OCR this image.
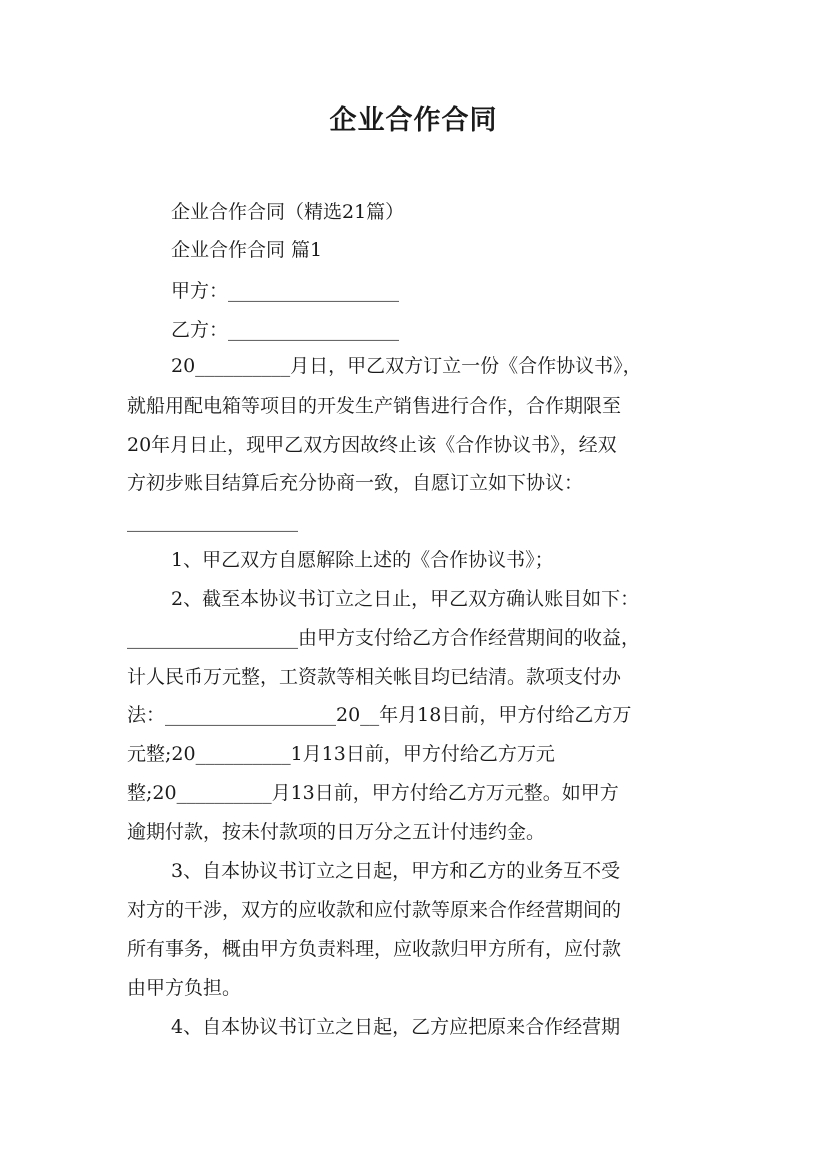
企业合作合同
企业合作合同（精选21篇）
企业合作合同 篇1
甲方：__________________
乙方：__________________
20__________月日，甲乙双方订立一份《合作协议书》，
就船用配电箱等项目的开发生产销售进行合作，合作期限至
20年月日止，现甲乙双方因故终止该《合作协议书》，经双
方初步账目结算后充分协商一致，自愿订立如下协议：
__________________
1、甲乙双方自愿解除上述的《合作协议书》；
2、截至本协议书订立之日止，甲乙双方确认账目如下：
__________________由甲方支付给乙方合作经营期间的收益，
计人民币万元整，工资款等相关帐目均已结清。款项支付办
法：__________________20__年月18日前，甲方付给乙方万
元整;20__________1月13日前，甲方付给乙方万元
整;20__________月13日前，甲方付给乙方万元整。如甲方
逾期付款，按未付款项的日万分之五计付违约金。
3、自本协议书订立之日起，甲方和乙方的业务互不受
对方的干涉，双方的应收款和应付款等原来合作经营期间的
所有事务，概由甲方负责料理，应收款归甲方所有，应付款
由甲方负担。
4、自本协议书订立之日起，乙方应把原来合作经营期
